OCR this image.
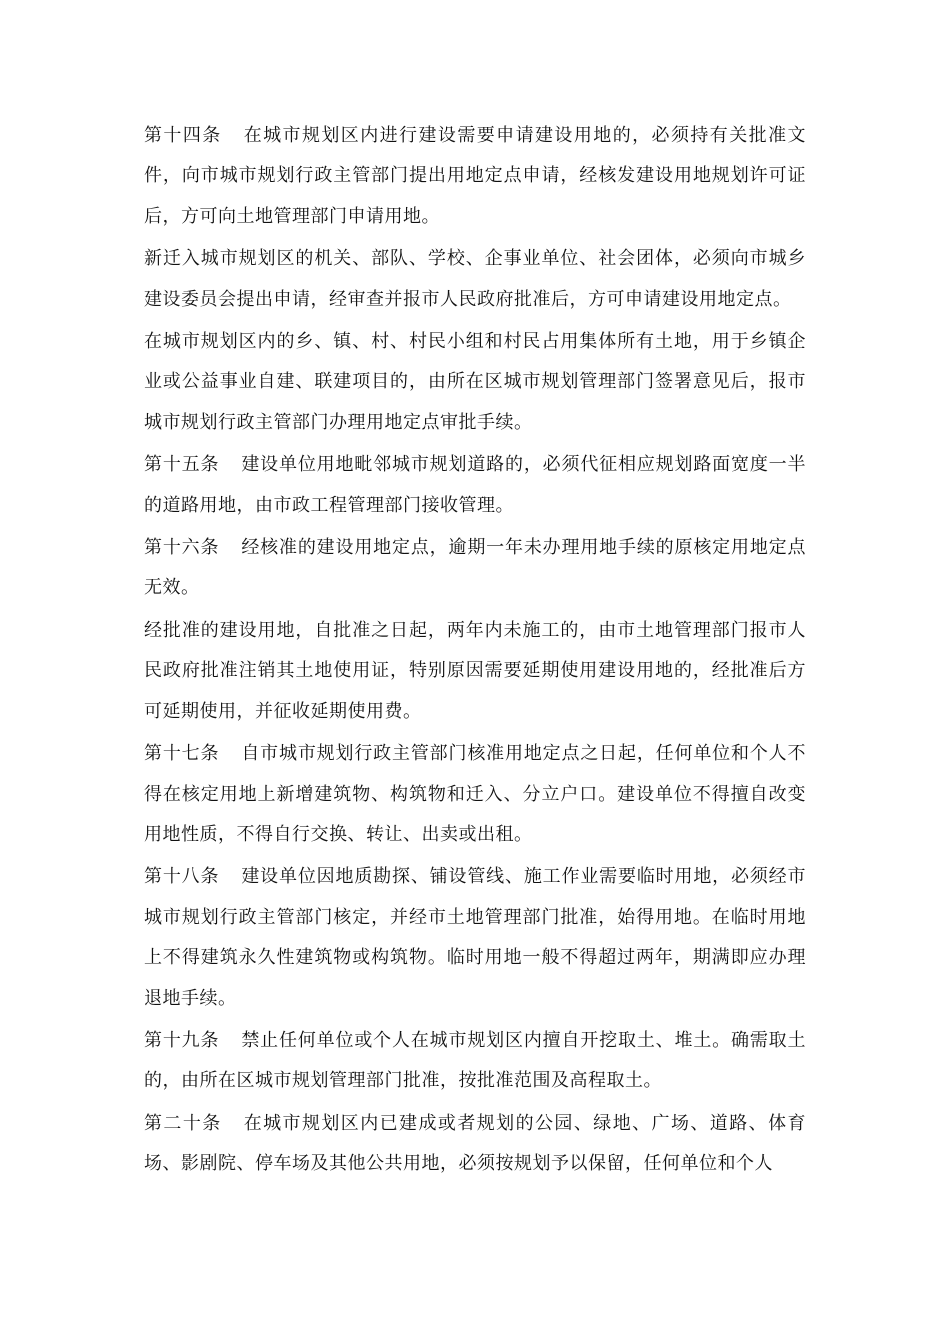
第十四条 在城市规划区内进行建设需要申请建设用地的，必须持有关批准文件，向市城市规划行政主管部门提出用地定点申请，经核发建设用地规划许可证后，方可向土地管理部门申请用地。

新迁入城市规划区的机关、部队、学校、企事业单位、社会团体，必须向市城乡建设委员会提出申请，经审查并报市人民政府批准后，方可申请建设用地定点。

在城市规划区内的乡、镇、村、村民小组和村民占用集体所有土地，用于乡镇企业或公益事业自建、联建项目的，由所在区城市规划管理部门签署意见后，报市城市规划行政主管部门办理用地定点审批手续。

第十五条 建设单位用地毗邻城市规划道路的，必须代征相应规划路面宽度一半的道路用地，由市政工程管理部门接收管理。

第十六条 经核准的建设用地定点，逾期一年未办理用地手续的原核定用地定点无效。

经批准的建设用地，自批准之日起，两年内未施工的，由市土地管理部门报市人民政府批准注销其土地使用证，特别原因需要延期使用建设用地的，经批准后方可延期使用，并征收延期使用费。

第十七条 自市城市规划行政主管部门核准用地定点之日起，任何单位和个人不得在核定用地上新增建筑物、构筑物和迁入、分立户口。建设单位不得擅自改变用地性质，不得自行交换、转让、出卖或出租。

第十八条 建设单位因地质勘探、铺设管线、施工作业需要临时用地，必须经市城市规划行政主管部门核定，并经市土地管理部门批准，始得用地。在临时用地上不得建筑永久性建筑物或构筑物。临时用地一般不得超过两年，期满即应办理退地手续。

第十九条 禁止任何单位或个人在城市规划区内擅自开挖取土、堆土。确需取土的，由所在区城市规划管理部门批准，按批准范围及高程取土。

第二十条 在城市规划区内已建成或者规划的公园、绿地、广场、道路、体育场、影剧院、停车场及其他公共用地，必须按规划予以保留，任何单位和个人
